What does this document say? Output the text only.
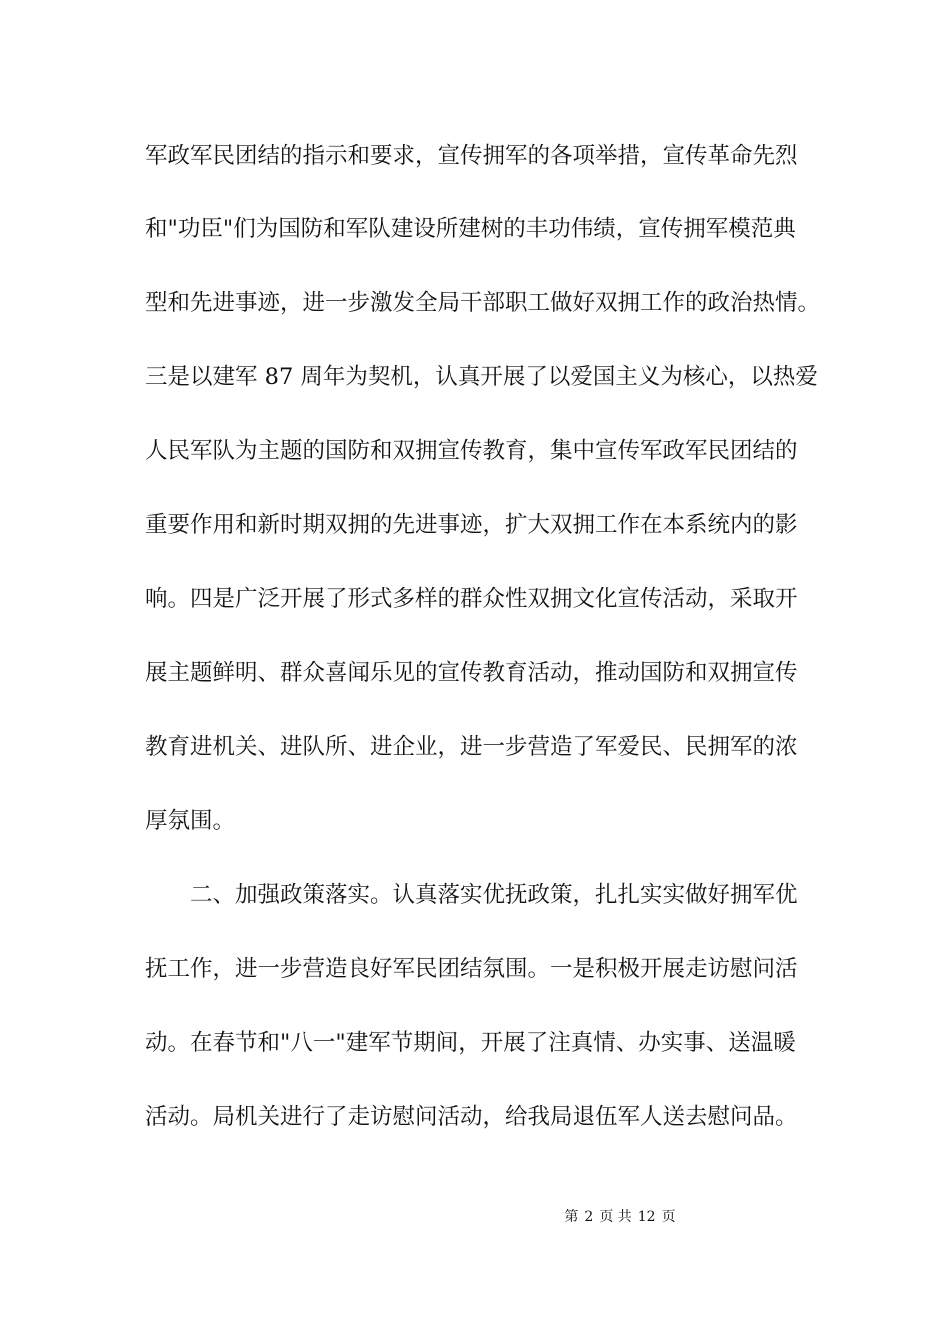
军政军民团结的指示和要求，宣传拥军的各项举措，宣传革命先烈
和"功臣"们为国防和军队建设所建树的丰功伟绩，宣传拥军模范典
型和先进事迹，进一步激发全局干部职工做好双拥工作的政治热情。
三是以建军 87 周年为契机，认真开展了以爱国主义为核心，以热爱
人民军队为主题的国防和双拥宣传教育，集中宣传军政军民团结的
重要作用和新时期双拥的先进事迹，扩大双拥工作在本系统内的影
响。四是广泛开展了形式多样的群众性双拥文化宣传活动，采取开
展主题鲜明、群众喜闻乐见的宣传教育活动，推动国防和双拥宣传
教育进机关、进队所、进企业，进一步营造了军爱民、民拥军的浓
厚氛围。
二、加强政策落实。认真落实优抚政策，扎扎实实做好拥军优
抚工作，进一步营造良好军民团结氛围。一是积极开展走访慰问活
动。在春节和"八一"建军节期间，开展了注真情、办实事、送温暖
活动。局机关进行了走访慰问活动，给我局退伍军人送去慰问品。
第 2 页 共 12 页
